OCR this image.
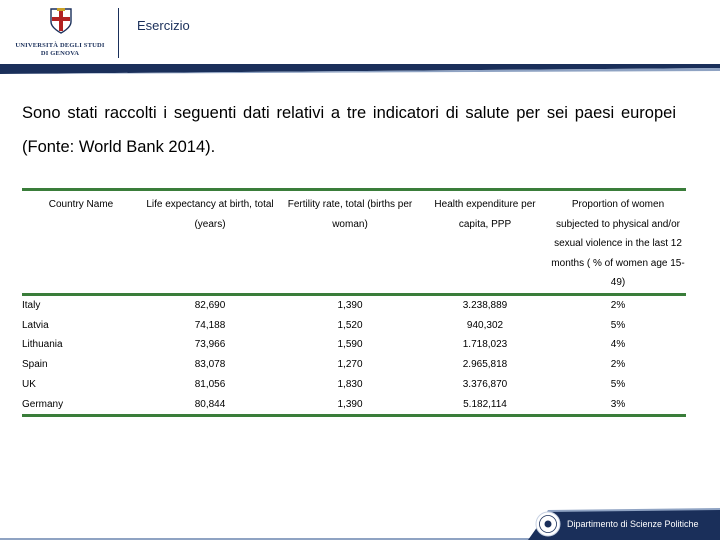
UNIVERSITÀ DEGLI STUDI
DI GENOVA
Esercizio
Sono stati raccolti i seguenti dati relativi a tre indicatori di salute per sei paesi europei (Fonte: World Bank 2014).
Country Name	Life expectancy at birth, total (years)	Fertility rate, total (births per woman)	Health expenditure per capita, PPP	Proportion of women subjected to physical and/or sexual violence in the last 12 months ( % of women age 15-49)
Italy	82,690	1,390	3.238,889	2%
Latvia	74,188	1,520	940,302	5%
Lithuania	73,966	1,590	1.718,023	4%
Spain	83,078	1,270	2.965,818	2%
UK	81,056	1,830	3.376,870	5%
Germany	80,844	1,390	5.182,114	3%
Dipartimento di Scienze Politiche
